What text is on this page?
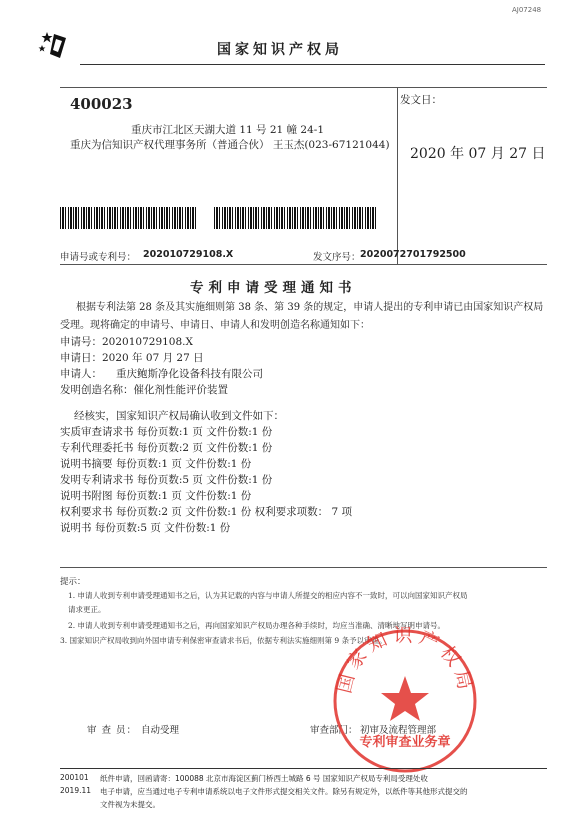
AJ07248
国家知识产权局
400023
重庆市江北区天湖大道 11 号 21 幢 24-1
重庆为信知识产权代理事务所（普通合伙） 王玉杰(023-67121044)
发文日：
2020 年 07 月 27 日
申请号或专利号： 202010729108.X	发文序号： 2020072701792500
专利申请受理通知书
根据专利法第 28 条及其实施细则第 38 条、第 39 条的规定，申请人提出的专利申请已由国家知识产权局
受理。现将确定的申请号、申请日、申请人和发明创造名称通知如下：
申请号：202010729108.X
申请日：2020 年 07 月 27 日
申请人： 重庆鲍斯净化设备科技有限公司
发明创造名称：催化剂性能评价装置
经核实，国家知识产权局确认收到文件如下：
实质审查请求书 每份页数:1 页 文件份数:1 份
专利代理委托书 每份页数:2 页 文件份数:1 份
说明书摘要 每份页数:1 页 文件份数:1 份
发明专利请求书 每份页数:5 页 文件份数:1 份
说明书附图 每份页数:1 页 文件份数:1 份
权利要求书 每份页数:2 页 文件份数:1 份 权利要求项数： 7 项
说明书 每份页数:5 页 文件份数:1 份
提示：
1. 申请人收到专利申请受理通知书之后，认为其记载的内容与申请人所提交的相应内容不一致时，可以向国家知识产权局
请求更正。
2. 申请人收到专利申请受理通知书之后，再向国家知识产权局办理各种手续时，均应当准确、清晰地写明申请号。
3. 国家知识产权局收到向外国申请专利保密审查请求书后，依据专利法实施细则第 9 条予以审查。
审 查 员： 自动受理	审查部门： 初审及流程管理部
国家知识产权局
专利审查业务章
200101
2019.11
纸件申请，回函请寄：100088 北京市海淀区蓟门桥西土城路 6 号 国家知识产权局专利局受理处收
电子申请，应当通过电子专利申请系统以电子文件形式提交相关文件。除另有规定外，以纸件等其他形式提交的
文件视为未提交。
